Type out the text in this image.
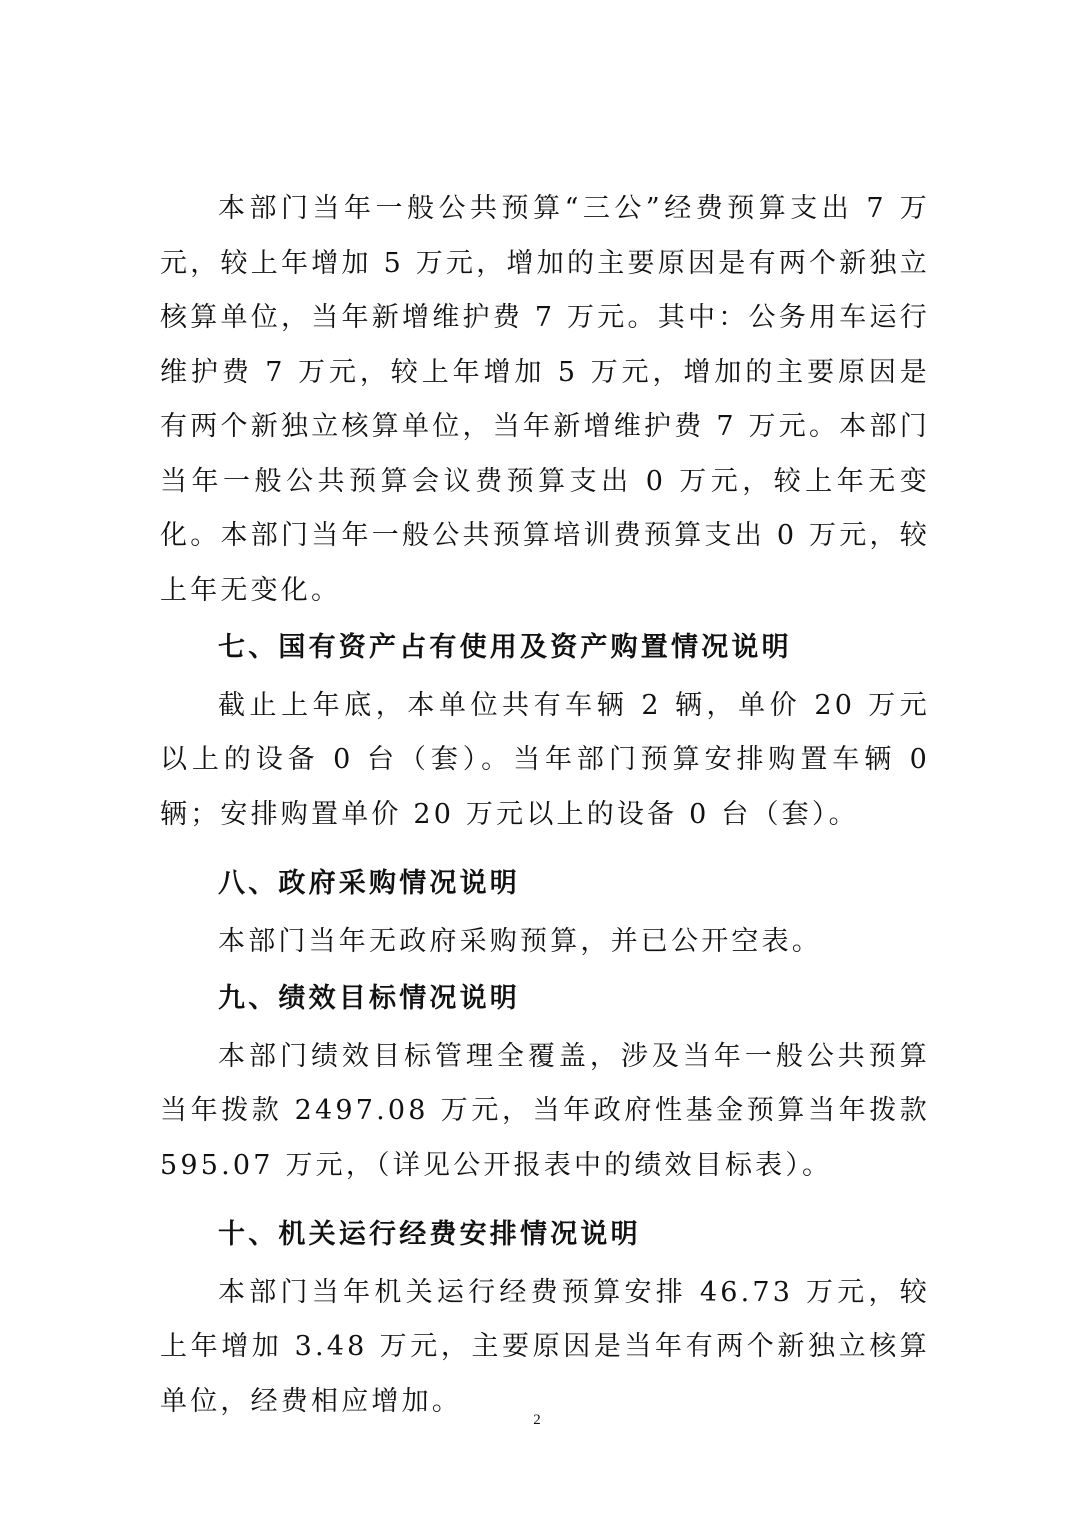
本部门当年一般公共预算“三公”经费预算支出 7 万元，较上年增加 5 万元，增加的主要原因是有两个新独立核算单位，当年新增维护费 7 万元。其中：公务用车运行维护费 7 万元，较上年增加 5 万元，增加的主要原因是有两个新独立核算单位，当年新增维护费 7 万元。本部门当年一般公共预算会议费预算支出 0 万元，较上年无变化。本部门当年一般公共预算培训费预算支出 0 万元，较上年无变化。

七、国有资产占有使用及资产购置情况说明

截止上年底，本单位共有车辆 2 辆，单价 20 万元以上的设备 0 台（套）。当年部门预算安排购置车辆 0 辆；安排购置单价 20 万元以上的设备 0 台（套）。

八、政府采购情况说明

本部门当年无政府采购预算，并已公开空表。

九、绩效目标情况说明

本部门绩效目标管理全覆盖，涉及当年一般公共预算当年拨款 2497.08 万元，当年政府性基金预算当年拨款 595.07 万元，（详见公开报表中的绩效目标表）。

十、机关运行经费安排情况说明

本部门当年机关运行经费预算安排 46.73 万元，较上年增加 3.48 万元，主要原因是当年有两个新独立核算单位，经费相应增加。

2
